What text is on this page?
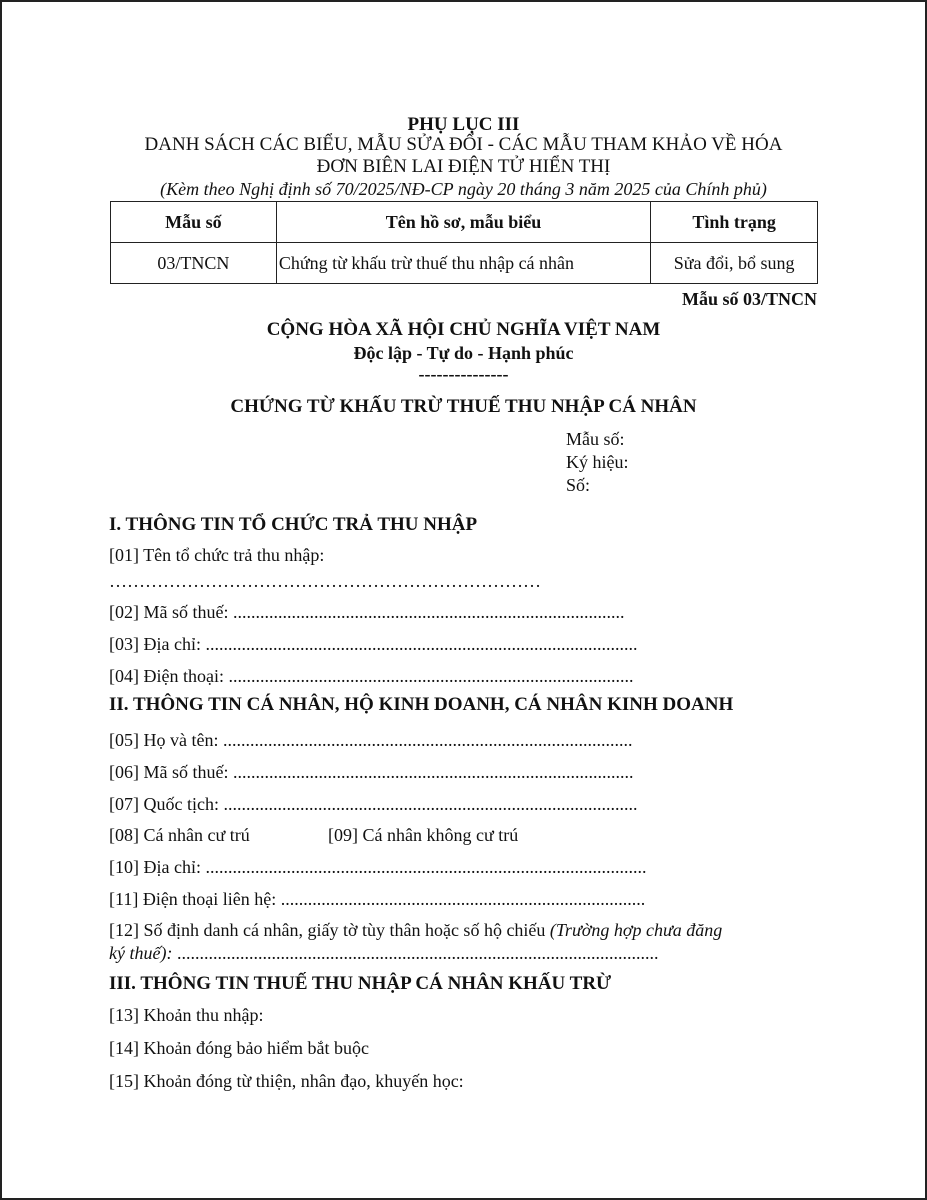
PHỤ LỤC III
DANH SÁCH CÁC BIỂU, MẪU SỬA ĐỔI - CÁC MẪU THAM KHẢO VỀ HÓA
ĐƠN BIÊN LAI ĐIỆN TỬ HIỂN THỊ
(Kèm theo Nghị định số 70/2025/NĐ-CP ngày 20 tháng 3 năm 2025 của Chính phủ)
Mẫu số	Tên hồ sơ, mẫu biểu	Tình trạng
03/TNCN	Chứng từ khấu trừ thuế thu nhập cá nhân	Sửa đổi, bổ sung
Mẫu số 03/TNCN
CỘNG HÒA XÃ HỘI CHỦ NGHĨA VIỆT NAM
Độc lập - Tự do - Hạnh phúc
---------------
CHỨNG TỪ KHẤU TRỪ THUẾ THU NHẬP CÁ NHÂN
Mẫu số:
Ký hiệu:
Số:
I. THÔNG TIN TỔ CHỨC TRẢ THU NHẬP
[01] Tên tổ chức trả thu nhập:
………………………………………………………………
[02] Mã số thuế: .......................................................................................
[03] Địa chỉ: ................................................................................................
[04] Điện thoại: ..........................................................................................
II. THÔNG TIN CÁ NHÂN, HỘ KINH DOANH, CÁ NHÂN KINH DOANH
[05] Họ và tên: ...........................................................................................
[06] Mã số thuế: .........................................................................................
[07] Quốc tịch: ............................................................................................
[08] Cá nhân cư trú	[09] Cá nhân không cư trú
[10] Địa chỉ: ..................................................................................................
[11] Điện thoại liên hệ: .................................................................................
[12] Số định danh cá nhân, giấy tờ tùy thân hoặc số hộ chiếu (Trường hợp chưa đăng
ký thuế): ...........................................................................................................
III. THÔNG TIN THUẾ THU NHẬP CÁ NHÂN KHẤU TRỪ
[13] Khoản thu nhập:
[14] Khoản đóng bảo hiểm bắt buộc
[15] Khoản đóng từ thiện, nhân đạo, khuyến học:
